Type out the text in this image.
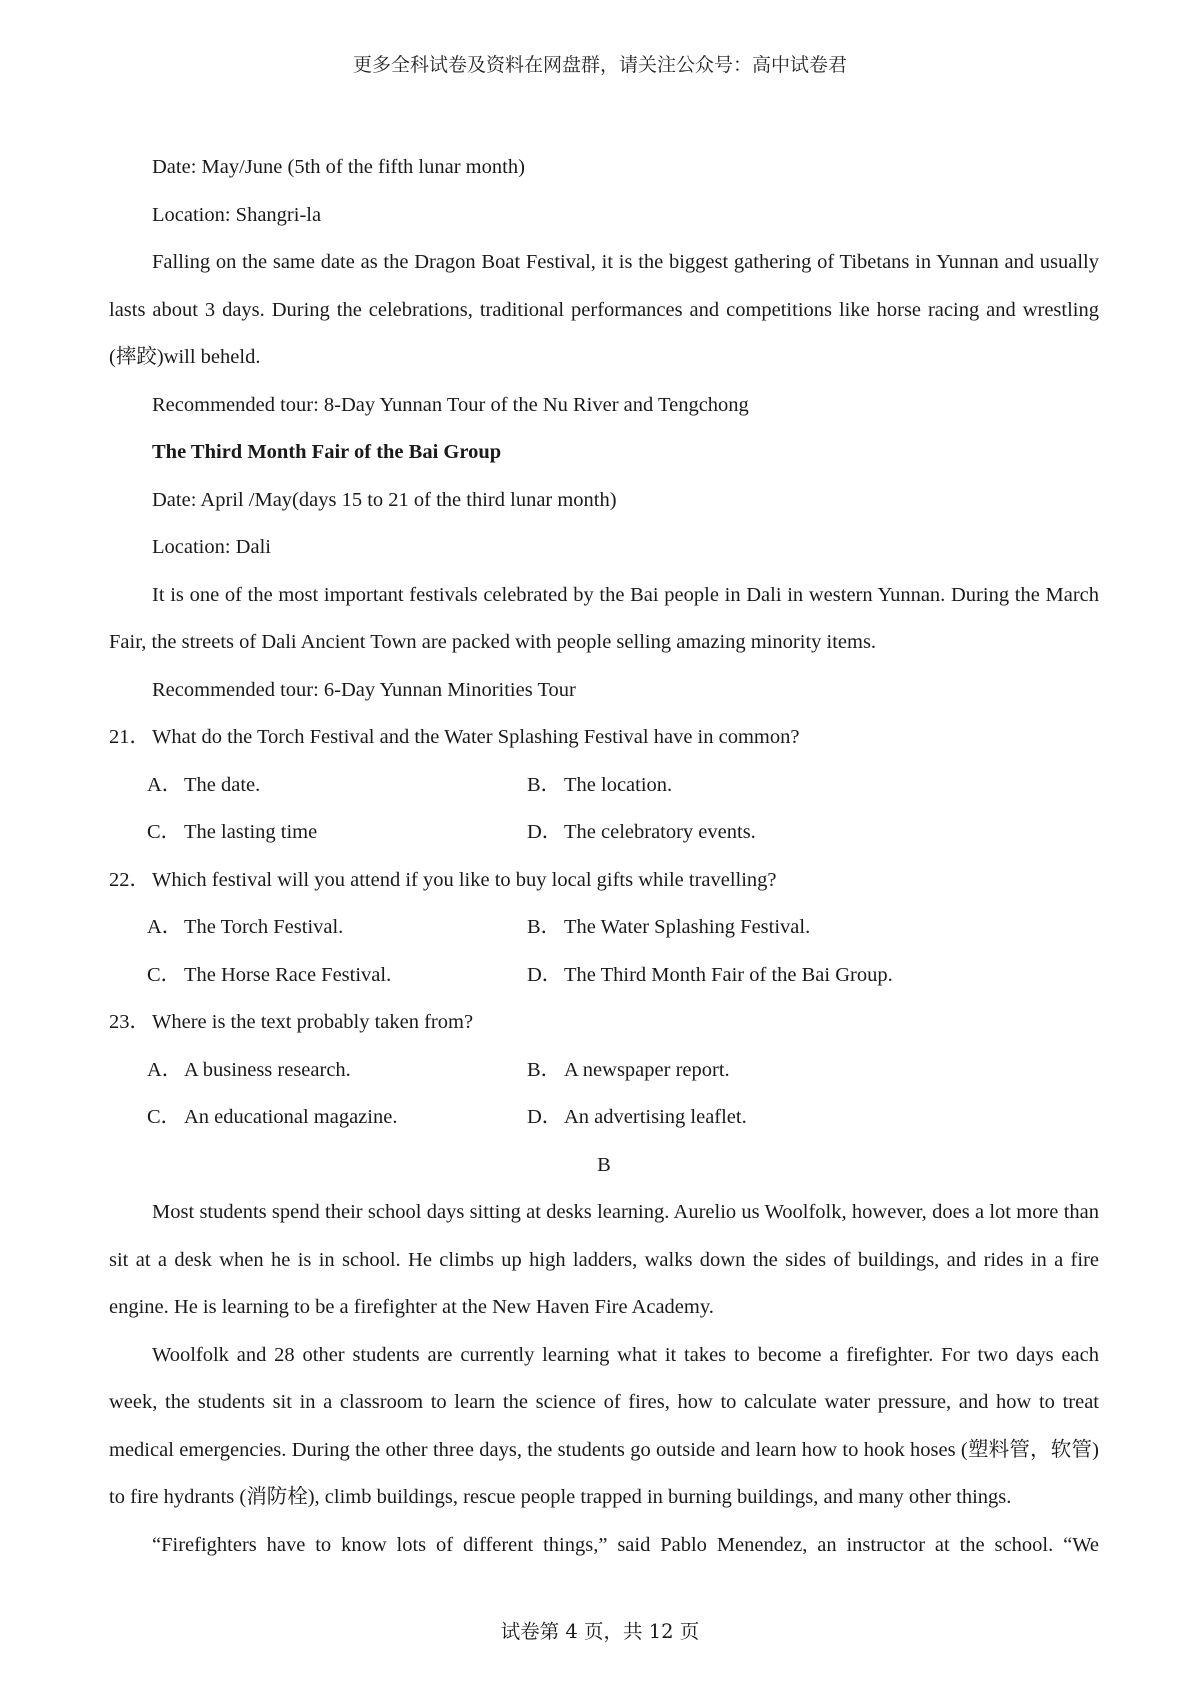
更多全科试卷及资料在网盘群，请关注公众号：高中试卷君

Date: May/June (5th of the fifth lunar month)

Location: Shangri-la

Falling on the same date as the Dragon Boat Festival, it is the biggest gathering of Tibetans in Yunnan and usually lasts about 3 days. During the celebrations, traditional performances and competitions like horse racing and wrestling (摔跤)will beheld.

Recommended tour: 8-Day Yunnan Tour of the Nu River and Tengchong

The Third Month Fair of the Bai Group

Date: April /May(days 15 to 21 of the third lunar month)

Location: Dali

It is one of the most important festivals celebrated by the Bai people in Dali in western Yunnan. During the March Fair, the streets of Dali Ancient Town are packed with people selling amazing minority items.

Recommended tour: 6-Day Yunnan Minorities Tour

21． What do the Torch Festival and the Water Splashing Festival have in common?
A． The date.	B． The location.
C． The lasting time	D． The celebratory events.
22． Which festival will you attend if you like to buy local gifts while travelling?
A． The Torch Festival.	B． The Water Splashing Festival.
C． The Horse Race Festival.	D． The Third Month Fair of the Bai Group.
23． Where is the text probably taken from?
A． A business research.	B． A newspaper report.
C． An educational magazine.	D． An advertising leaflet.

B

Most students spend their school days sitting at desks learning. Aurelio us Woolfolk, however, does a lot more than sit at a desk when he is in school. He climbs up high ladders, walks down the sides of buildings, and rides in a fire engine. He is learning to be a firefighter at the New Haven Fire Academy.

Woolfolk and 28 other students are currently learning what it takes to become a firefighter. For two days each week, the students sit in a classroom to learn the science of fires, how to calculate water pressure, and how to treat medical emergencies. During the other three days, the students go outside and learn how to hook hoses (塑料管，软管) to fire hydrants (消防栓), climb buildings, rescue people trapped in burning buildings, and many other things.

“Firefighters have to know lots of different things,” said Pablo Menendez, an instructor at the school. “We

试卷第 4 页，共 12 页
